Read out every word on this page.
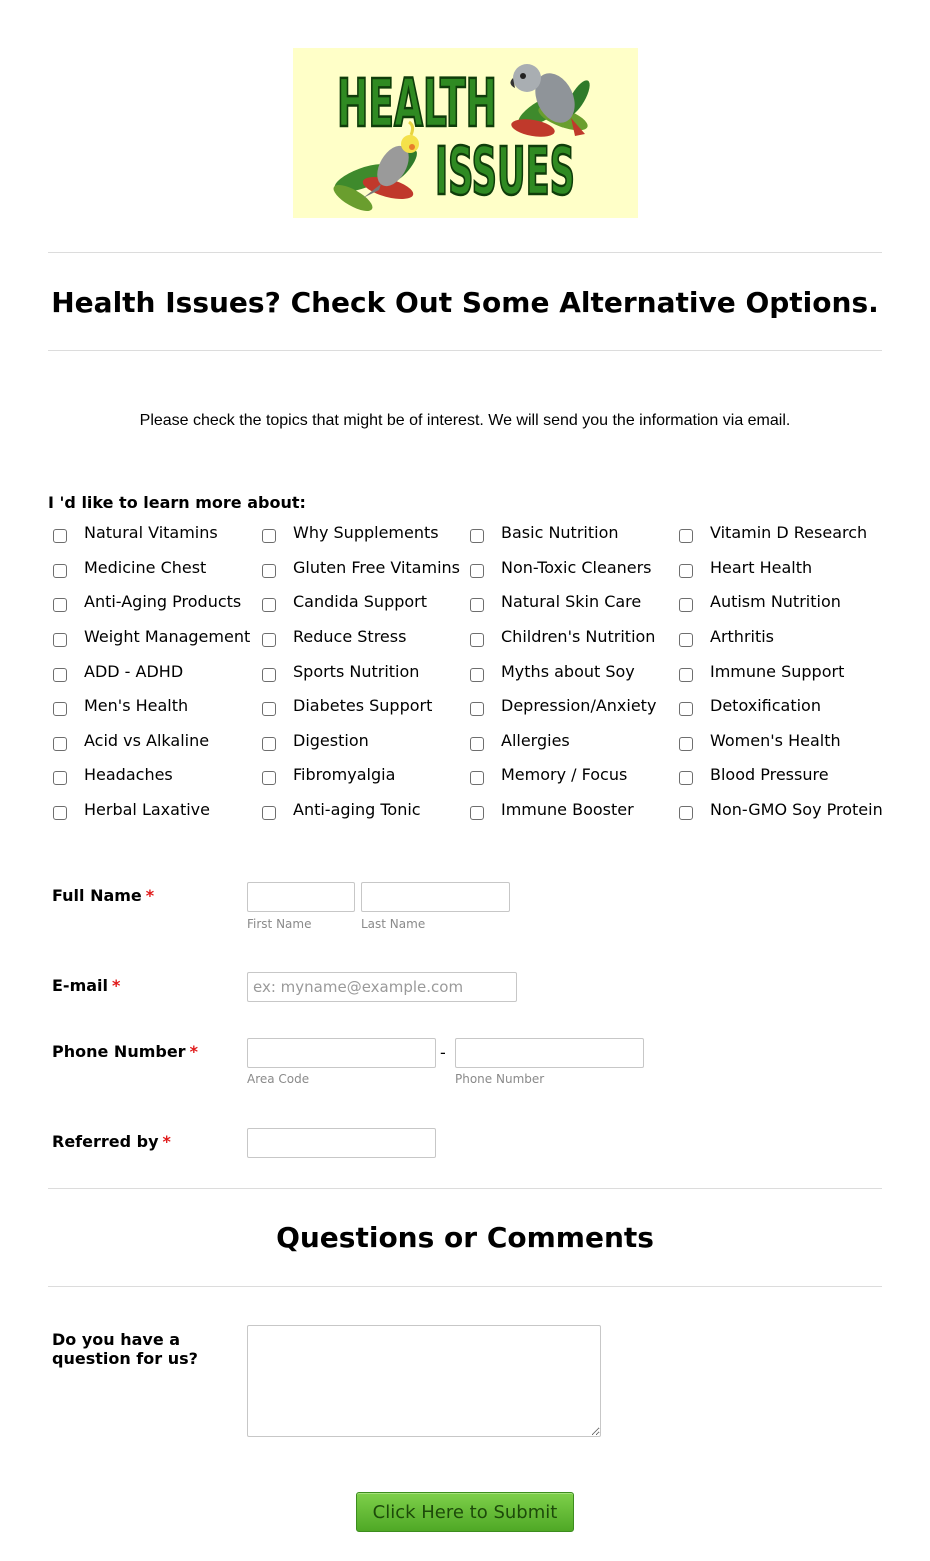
HEALTH
ISSUES
Health Issues? Check Out Some Alternative Options.
Please check the topics that might be of interest. We will send you the information via email.
I 'd like to learn more about:
Natural Vitamins	Why Supplements	Basic Nutrition	Vitamin D Research
Medicine Chest	Gluten Free Vitamins	Non-Toxic Cleaners	Heart Health
Anti-Aging Products	Candida Support	Natural Skin Care	Autism Nutrition
Weight Management	Reduce Stress	Children's Nutrition	Arthritis
ADD - ADHD	Sports Nutrition	Myths about Soy	Immune Support
Men's Health	Diabetes Support	Depression/Anxiety	Detoxification
Acid vs Alkaline	Digestion	Allergies	Women's Health
Headaches	Fibromyalgia	Memory / Focus	Blood Pressure
Herbal Laxative	Anti-aging Tonic	Immune Booster	Non-GMO Soy Protein
Full Name *
First Name	Last Name
E-mail *
ex: myname@example.com
Phone Number *	-
Area Code	Phone Number
Referred by *
Questions or Comments
Do you have a question for us?
Click Here to Submit
